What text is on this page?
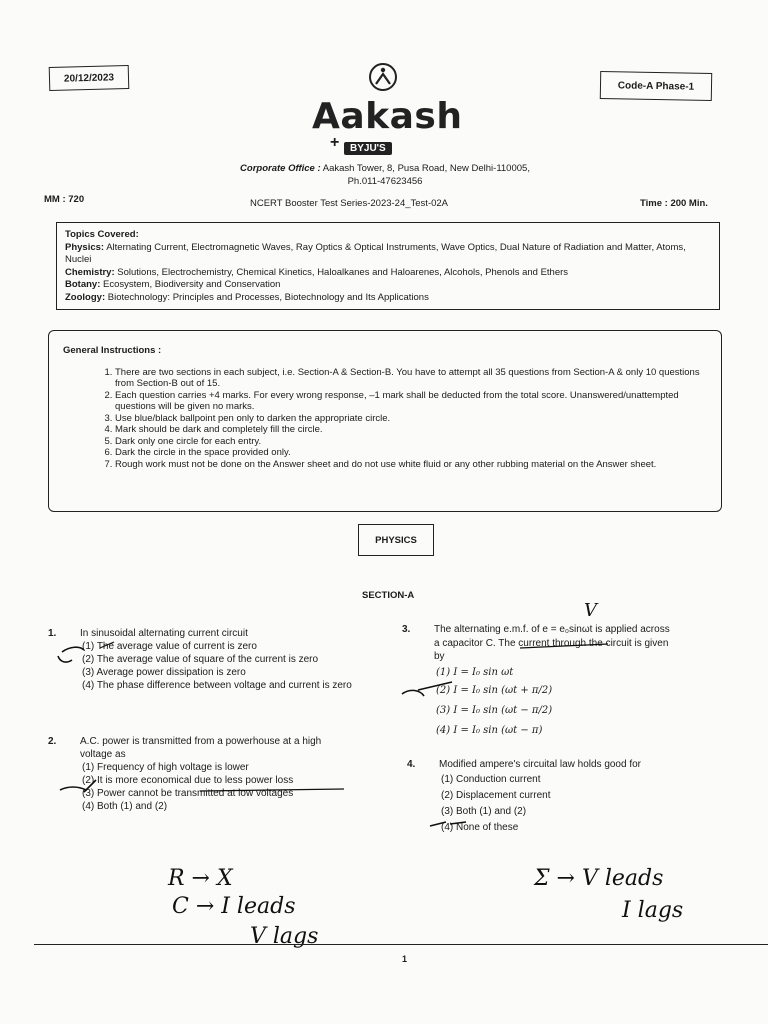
20/12/2023
Aakash
+	BYJU'S
Code-A Phase-1
Corporate Office : Aakash Tower, 8, Pusa Road, New Delhi-110005,
Ph.011-47623456
MM : 720	NCERT Booster Test Series-2023-24_Test-02A	Time : 200 Min.
Topics Covered:
Physics: Alternating Current, Electromagnetic Waves, Ray Optics & Optical Instruments, Wave Optics, Dual Nature of Radiation and Matter, Atoms, Nuclei
Chemistry: Solutions, Electrochemistry, Chemical Kinetics, Haloalkanes and Haloarenes, Alcohols, Phenols and Ethers
Botany: Ecosystem, Biodiversity and Conservation
Zoology: Biotechnology: Principles and Processes, Biotechnology and Its Applications
General Instructions :
1. There are two sections in each subject, i.e. Section-A & Section-B. You have to attempt all 35 questions from Section-A & only 10 questions from Section-B out of 15.
2. Each question carries +4 marks. For every wrong response, –1 mark shall be deducted from the total score. Unanswered/unattempted questions will be given no marks.
3. Use blue/black ballpoint pen only to darken the appropriate circle.
4. Mark should be dark and completely fill the circle.
5. Dark only one circle for each entry.
6. Dark the circle in the space provided only.
7. Rough work must not be done on the Answer sheet and do not use white fluid or any other rubbing material on the Answer sheet.
PHYSICS
SECTION-A
1. In sinusoidal alternating current circuit
(1) The average value of current is zero
(2) The average value of square of the current is zero
(3) Average power dissipation is zero
(4) The phase difference between voltage and current is zero
2. A.C. power is transmitted from a powerhouse at a high voltage as
(1) Frequency of high voltage is lower
(2) It is more economical due to less power loss
(3) Power cannot be transmitted at low voltages
(4) Both (1) and (2)
3. The alternating e.m.f. of e = e₀sinωt is applied across a capacitor C. The current through the circuit is given by
(1) I = I₀ sin ωt
(2) I = I₀ sin (ωt + π/2)
(3) I = I₀ sin (ωt − π/2)
(4) I = I₀ sin (ωt − π)
4. Modified ampere's circuital law holds good for
(1) Conduction current
(2) Displacement current
(3) Both (1) and (2)
(4) None of these
V
R → X
C → I leads
V lags
Σ → V leads
I lags
1
